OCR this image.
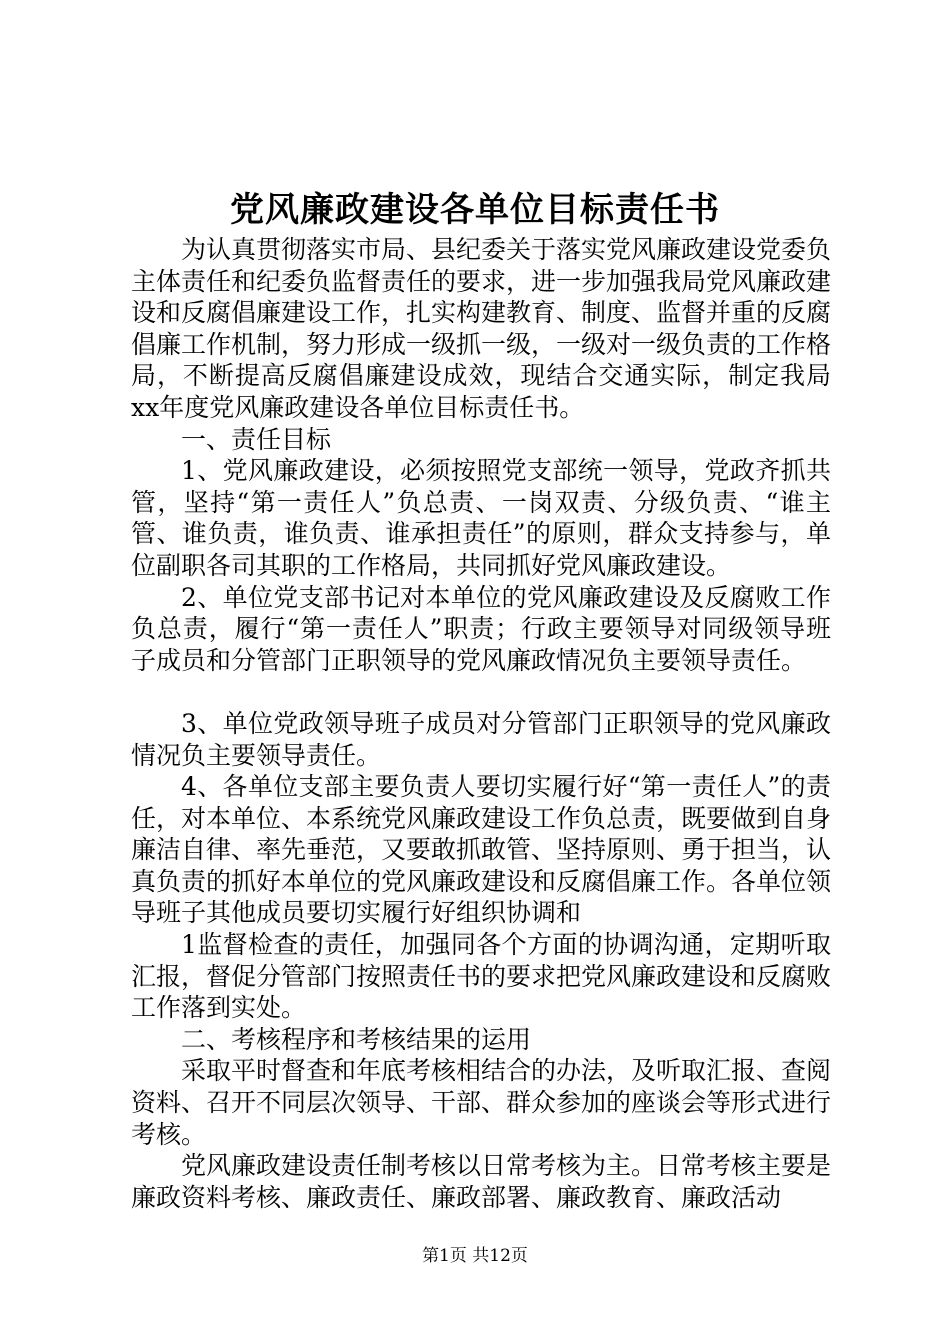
党风廉政建设各单位目标责任书

为认真贯彻落实市局、县纪委关于落实党风廉政建设党委负主体责任和纪委负监督责任的要求，进一步加强我局党风廉政建设和反腐倡廉建设工作，扎实构建教育、制度、监督并重的反腐倡廉工作机制，努力形成一级抓一级，一级对一级负责的工作格局，不断提高反腐倡廉建设成效，现结合交通实际，制定我局xx年度党风廉政建设各单位目标责任书。

一、责任目标

1、党风廉政建设，必须按照党支部统一领导，党政齐抓共管，坚持“第一责任人”负总责、一岗双责、分级负责、“谁主管、谁负责，谁负责、谁承担责任”的原则，群众支持参与，单位副职各司其职的工作格局，共同抓好党风廉政建设。

2、单位党支部书记对本单位的党风廉政建设及反腐败工作负总责，履行“第一责任人”职责；行政主要领导对同级领导班子成员和分管部门正职领导的党风廉政情况负主要领导责任。

3、单位党政领导班子成员对分管部门正职领导的党风廉政情况负主要领导责任。

4、各单位支部主要负责人要切实履行好“第一责任人”的责任，对本单位、本系统党风廉政建设工作负总责，既要做到自身廉洁自律、率先垂范，又要敢抓敢管、坚持原则、勇于担当，认真负责的抓好本单位的党风廉政建设和反腐倡廉工作。各单位领导班子其他成员要切实履行好组织协调和

1监督检查的责任，加强同各个方面的协调沟通，定期听取汇报，督促分管部门按照责任书的要求把党风廉政建设和反腐败工作落到实处。

二、考核程序和考核结果的运用

采取平时督查和年底考核相结合的办法，及听取汇报、查阅资料、召开不同层次领导、干部、群众参加的座谈会等形式进行考核。

党风廉政建设责任制考核以日常考核为主。日常考核主要是廉政资料考核、廉政责任、廉政部署、廉政教育、廉政活动

第1页 共12页
